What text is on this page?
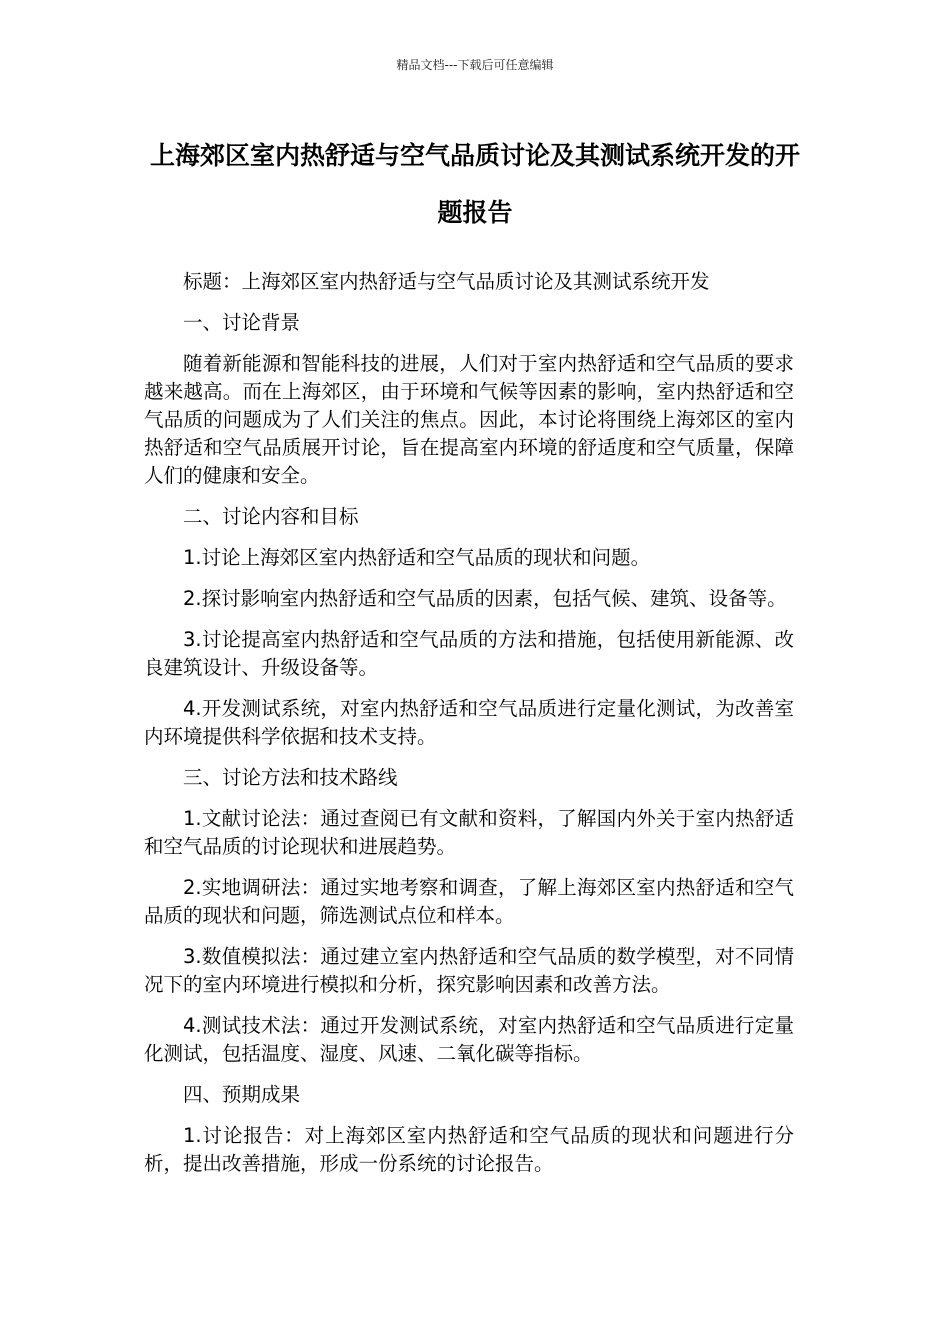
精品文档---下载后可任意编辑
上海郊区室内热舒适与空气品质讨论及其测试系统开发的开题报告

标题：上海郊区室内热舒适与空气品质讨论及其测试系统开发

一、讨论背景

随着新能源和智能科技的进展，人们对于室内热舒适和空气品质的要求越来越高。而在上海郊区，由于环境和气候等因素的影响，室内热舒适和空气品质的问题成为了人们关注的焦点。因此，本讨论将围绕上海郊区的室内热舒适和空气品质展开讨论，旨在提高室内环境的舒适度和空气质量，保障人们的健康和安全。

二、讨论内容和目标

1.讨论上海郊区室内热舒适和空气品质的现状和问题。

2.探讨影响室内热舒适和空气品质的因素，包括气候、建筑、设备等。

3.讨论提高室内热舒适和空气品质的方法和措施，包括使用新能源、改良建筑设计、升级设备等。

4.开发测试系统，对室内热舒适和空气品质进行定量化测试，为改善室内环境提供科学依据和技术支持。

三、讨论方法和技术路线

1.文献讨论法：通过查阅已有文献和资料，了解国内外关于室内热舒适和空气品质的讨论现状和进展趋势。

2.实地调研法：通过实地考察和调查，了解上海郊区室内热舒适和空气品质的现状和问题，筛选测试点位和样本。

3.数值模拟法：通过建立室内热舒适和空气品质的数学模型，对不同情况下的室内环境进行模拟和分析，探究影响因素和改善方法。

4.测试技术法：通过开发测试系统，对室内热舒适和空气品质进行定量化测试，包括温度、湿度、风速、二氧化碳等指标。

四、预期成果

1.讨论报告：对上海郊区室内热舒适和空气品质的现状和问题进行分析，提出改善措施，形成一份系统的讨论报告。
